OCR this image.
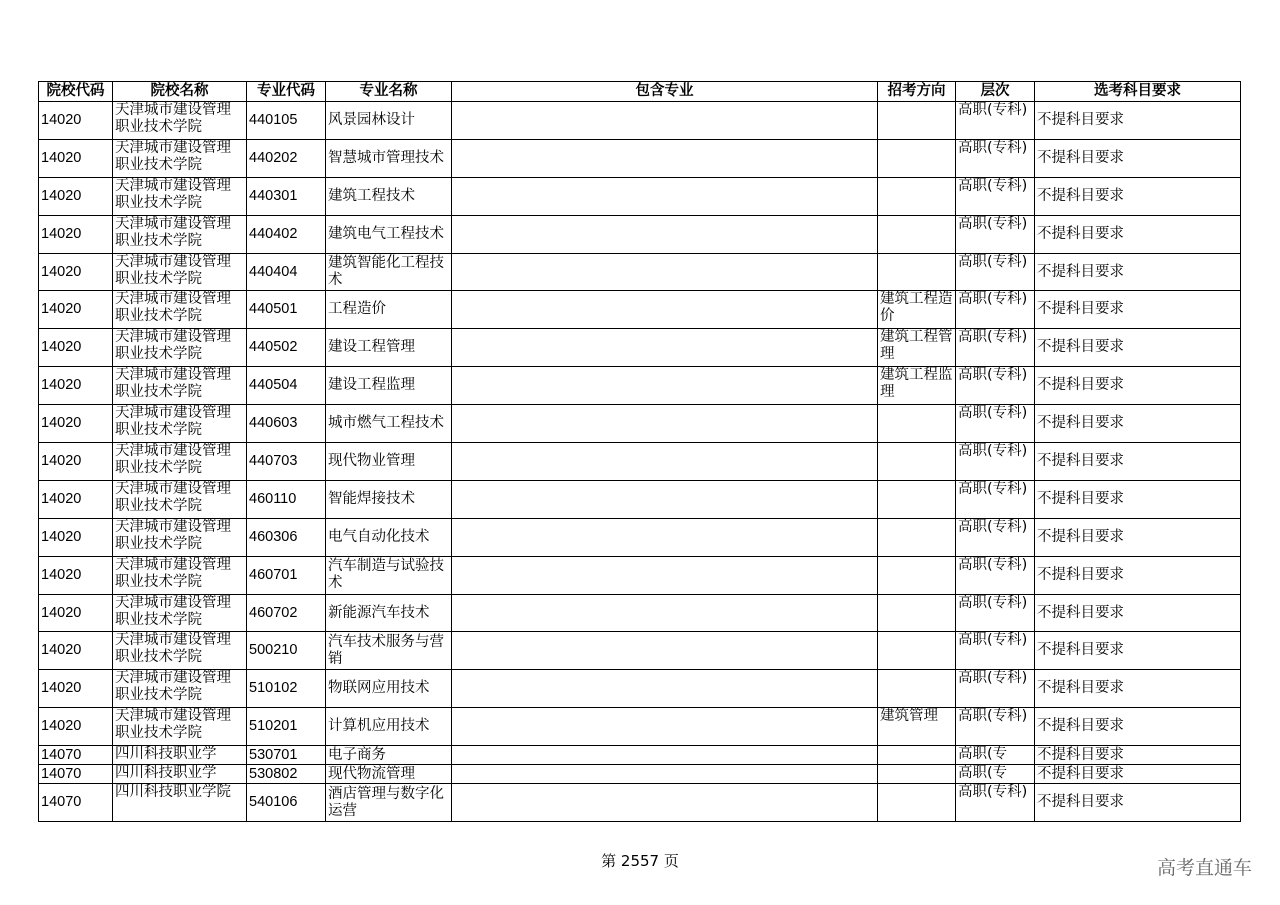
院校代码	院校名称	专业代码	专业名称	包含专业	招考方向	层次	选考科目要求
14020	天津城市建设管理职业技术学院	440105	风景园林设计			高职(专科)	不提科目要求
14020	天津城市建设管理职业技术学院	440202	智慧城市管理技术			高职(专科)	不提科目要求
14020	天津城市建设管理职业技术学院	440301	建筑工程技术			高职(专科)	不提科目要求
14020	天津城市建设管理职业技术学院	440402	建筑电气工程技术			高职(专科)	不提科目要求
14020	天津城市建设管理职业技术学院	440404	建筑智能化工程技术			高职(专科)	不提科目要求
14020	天津城市建设管理职业技术学院	440501	工程造价		建筑工程造价	高职(专科)	不提科目要求
14020	天津城市建设管理职业技术学院	440502	建设工程管理		建筑工程管理	高职(专科)	不提科目要求
14020	天津城市建设管理职业技术学院	440504	建设工程监理		建筑工程监理	高职(专科)	不提科目要求
14020	天津城市建设管理职业技术学院	440603	城市燃气工程技术			高职(专科)	不提科目要求
14020	天津城市建设管理职业技术学院	440703	现代物业管理			高职(专科)	不提科目要求
14020	天津城市建设管理职业技术学院	460110	智能焊接技术			高职(专科)	不提科目要求
14020	天津城市建设管理职业技术学院	460306	电气自动化技术			高职(专科)	不提科目要求
14020	天津城市建设管理职业技术学院	460701	汽车制造与试验技术			高职(专科)	不提科目要求
14020	天津城市建设管理职业技术学院	460702	新能源汽车技术			高职(专科)	不提科目要求
14020	天津城市建设管理职业技术学院	500210	汽车技术服务与营销			高职(专科)	不提科目要求
14020	天津城市建设管理职业技术学院	510102	物联网应用技术			高职(专科)	不提科目要求
14020	天津城市建设管理职业技术学院	510201	计算机应用技术		建筑管理	高职(专科)	不提科目要求
14070	四川科技职业学	530701	电子商务			高职(专	不提科目要求
14070	四川科技职业学	530802	现代物流管理			高职(专	不提科目要求
14070	四川科技职业学院	540106	酒店管理与数字化运营			高职(专科)	不提科目要求
第 2557 页	高考直通车
